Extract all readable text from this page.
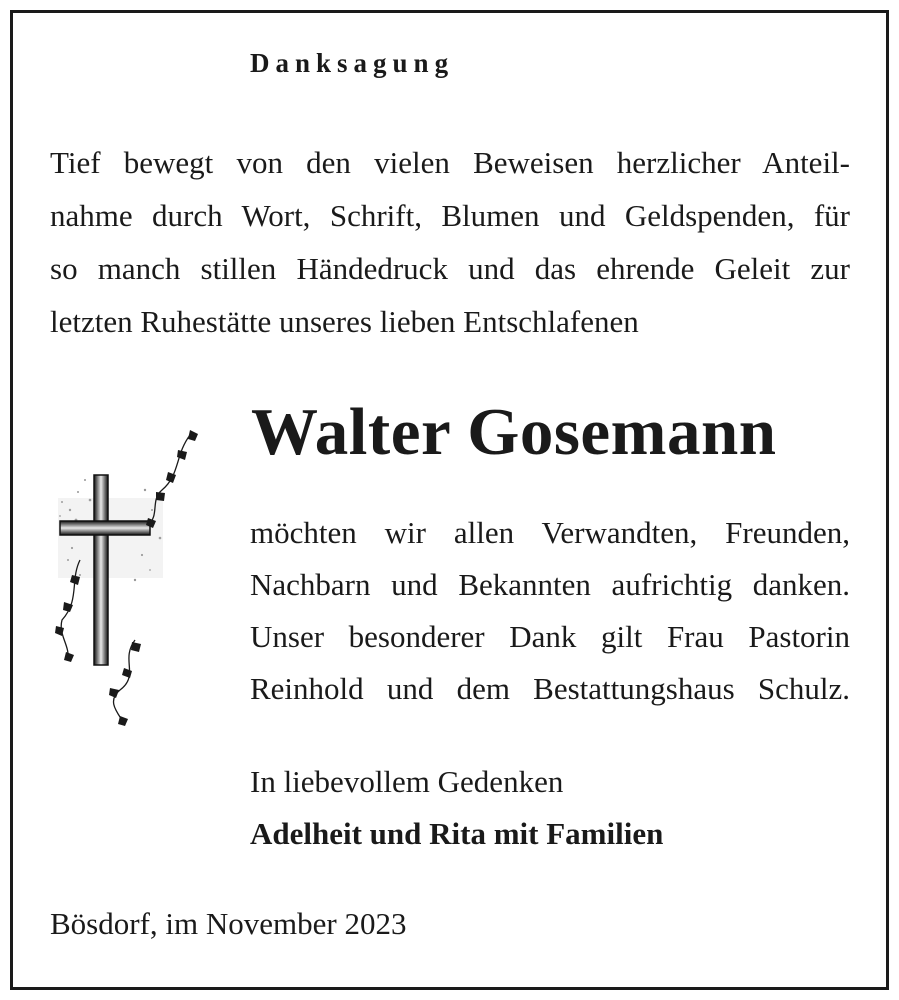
Danksagung
Tief bewegt von den vielen Beweisen herzlicher Anteil-
nahme durch Wort, Schrift, Blumen und Geldspenden, für
so manch stillen Händedruck und das ehrende Geleit zur
letzten Ruhestätte unseres lieben Entschlafenen
Walter Gosemann
möchten wir allen Verwandten, Freunden,
Nachbarn und Bekannten aufrichtig danken.
Unser besonderer Dank gilt Frau Pastorin
Reinhold und dem Bestattungshaus Schulz.
In liebevollem Gedenken
Adelheit und Rita mit Familien
Bösdorf, im November 2023
